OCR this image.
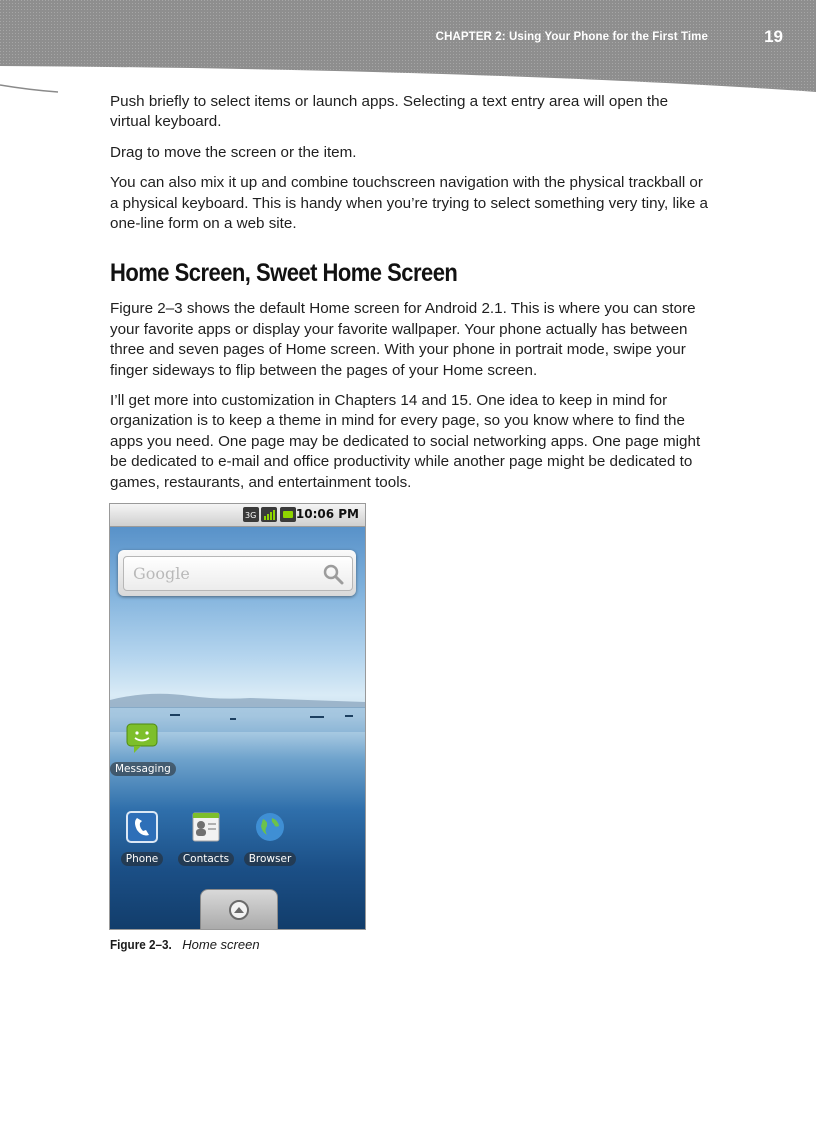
CHAPTER 2: Using Your Phone for the First Time	19

Push briefly to select items or launch apps. Selecting a text entry area will open the virtual keyboard.

Drag to move the screen or the item.

You can also mix it up and combine touchscreen navigation with the physical trackball or a physical keyboard. This is handy when you’re trying to select something very tiny, like a one-line form on a web site.

Home Screen, Sweet Home Screen

Figure 2–3 shows the default Home screen for Android 2.1. This is where you can store your favorite apps or display your favorite wallpaper. Your phone actually has between three and seven pages of Home screen. With your phone in portrait mode, swipe your finger sideways to flip between the pages of your Home screen.

I’ll get more into customization in Chapters 14 and 15. One idea to keep in mind for organization is to keep a theme in mind for every page, so you know where to find the apps you need. One page may be dedicated to social networking apps. One page might be dedicated to e-mail and office productivity while another page might be dedicated to games, restaurants, and entertainment tools.

3G	10:06 PM
Google
Messaging
Phone	Contacts	Browser
Figure 2–3. Home screen
